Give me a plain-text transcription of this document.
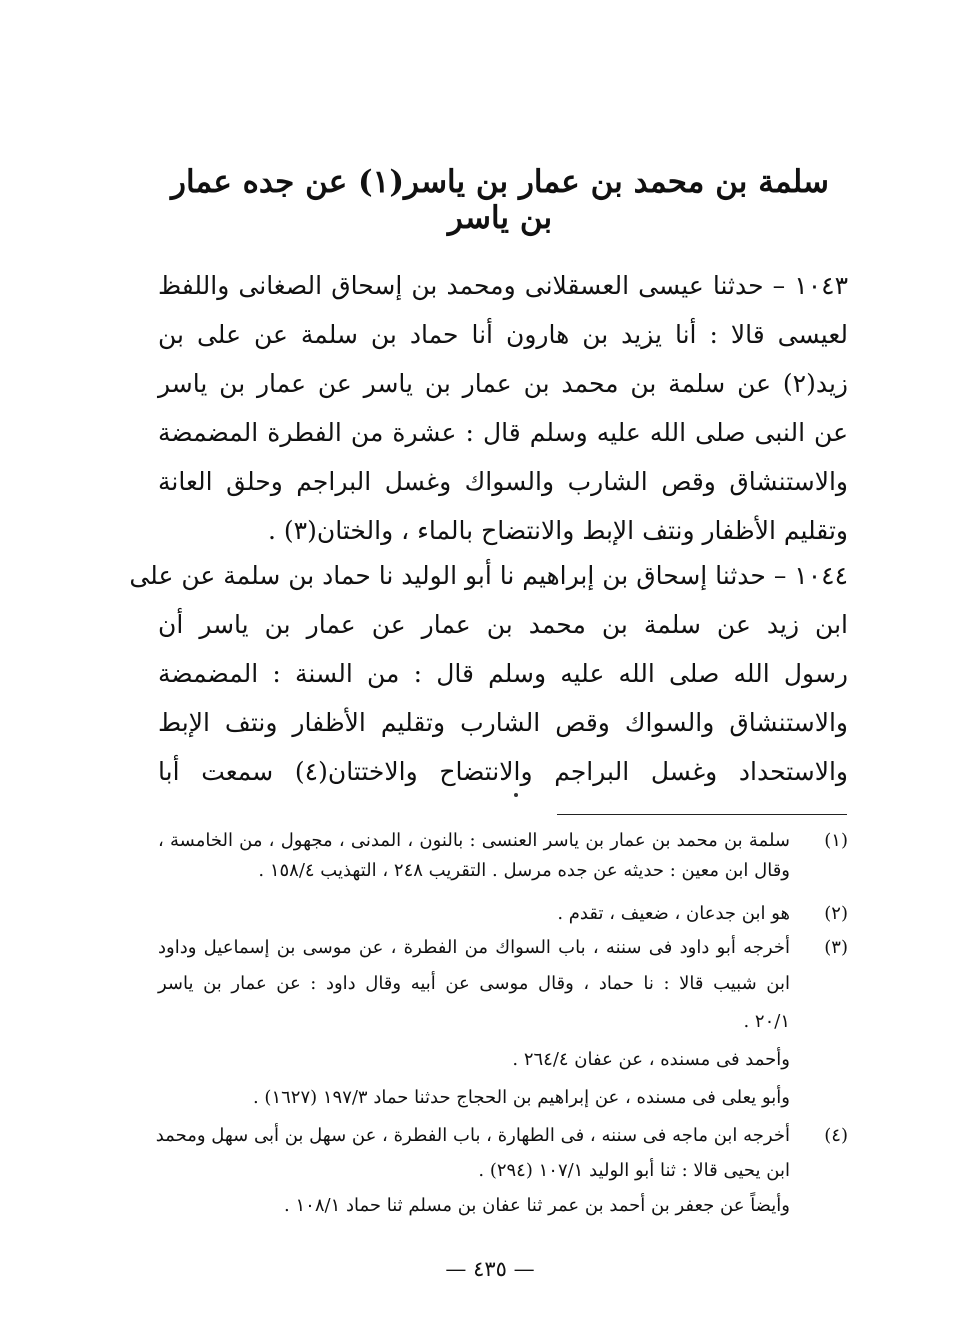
سلمة بن محمد بن عمار بن ياسر(١) عن جده عمار بن ياسر
١٠٤٣ – حدثنا عيسى العسقلانى ومحمد بن إسحاق الصغانى واللفظ
لعيسى قالا : أنا يزيد بن هارون أنا حماد بن سلمة عن على بن
زيد(٢) عن سلمة بن محمد بن عمار بن ياسر عن عمار بن ياسر
عن النبى صلى الله عليه وسلم قال : عشرة من الفطرة المضمضة
والاستنشاق وقص الشارب والسواك وغسل البراجم وحلق العانة
وتقليم الأظفار ونتف الإبط والانتضاح بالماء ، والختان(٣) .
١٠٤٤ – حدثنا إسحاق بن إبراهيم نا أبو الوليد نا حماد بن سلمة عن على
ابن زيد عن سلمة بن محمد بن عمار عن عمار بن ياسر أن
رسول الله صلى الله عليه وسلم قال : من السنة : المضمضة
والاستنشاق والسواك وقص الشارب وتقليم الأظفار ونتف الإبط
والاستحداد وغسل البراجم والانتضاح والاختتان(٤) سمعت أبا
(١)
سلمة بن محمد بن عمار بن ياسر العنسى : بالنون ، المدنى ، مجهول ، من الخامسة ،
وقال ابن معين : حديثه عن جده مرسل . التقريب ٢٤٨ ، التهذيب ١٥٨/٤ .
(٢)
هو ابن جدعان ، ضعيف ، تقدم .
(٣)
أخرجه أبو داود فى سننه ، باب السواك من الفطرة ، عن موسى بن إسماعيل وداود
ابن شبيب قالا : نا حماد ، وقال موسى عن أبيه وقال داود : عن عمار بن ياسر
٢٠/١ .
وأحمد فى مسنده ، عن عفان ٢٦٤/٤ .
وأبو يعلى فى مسنده ، عن إبراهيم بن الحجاج حدثنا حماد ١٩٧/٣ (١٦٢٧) .
(٤)
أخرجه ابن ماجه فى سننه ، فى الطهارة ، باب الفطرة ، عن سهل بن أبى سهل ومحمد
ابن يحيى قالا : ثنا أبو الوليد ١٠٧/١ (٢٩٤) .
وأيضاً عن جعفر بن أحمد بن عمر ثنا عفان بن مسلم ثنا حماد ١٠٨/١ .
— ٤٣٥ —
